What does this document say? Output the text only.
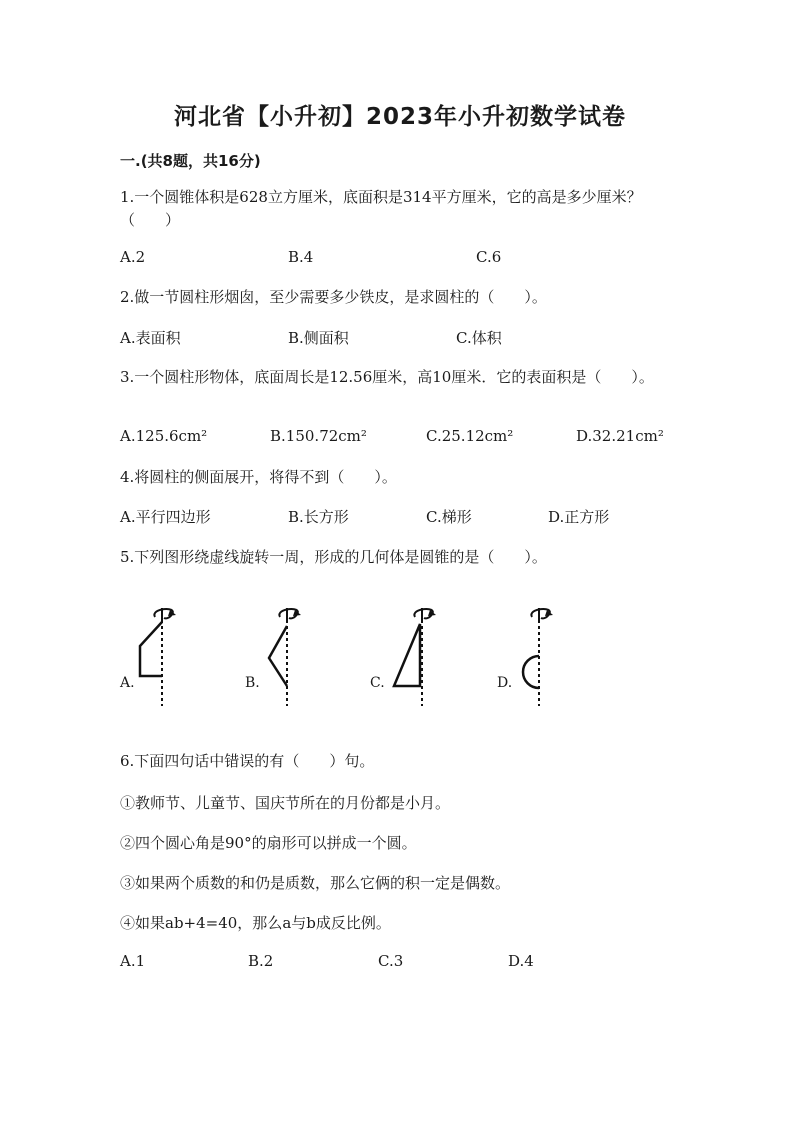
河北省【小升初】2023年小升初数学试卷
一.(共8题，共16分)
1.一个圆锥体积是628立方厘米，底面积是314平方厘米，它的高是多少厘米？（　　）
A.2	B.4	C.6
2.做一节圆柱形烟囱，至少需要多少铁皮，是求圆柱的（　　）。
A.表面积	B.侧面积	C.体积
3.一个圆柱形物体，底面周长是12.56厘米，高10厘米．它的表面积是（　　）。
A.125.6cm²	B.150.72cm²	C.25.12cm²	D.32.21cm²
4.将圆柱的侧面展开，将得不到（　　）。
A.平行四边形	B.长方形	C.梯形	D.正方形
5.下列图形绕虚线旋转一周，形成的几何体是圆锥的是（　　）。
A.	B.	C.	D.
6.下面四句话中错误的有（　　）句。
①教师节、儿童节、国庆节所在的月份都是小月。
②四个圆心角是90°的扇形可以拼成一个圆。
③如果两个质数的和仍是质数，那么它俩的积一定是偶数。
④如果ab+4=40，那么a与b成反比例。
A.1	B.2	C.3	D.4
